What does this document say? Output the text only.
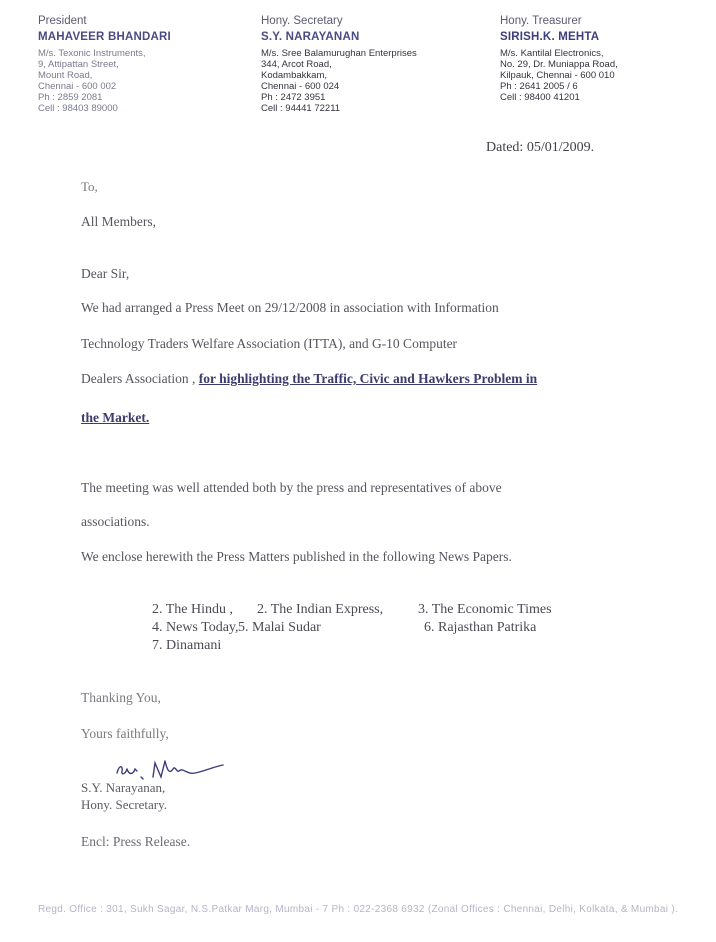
President
MAHAVEER BHANDARI
M/s. Texonic Instruments,
9, Attipattan Street,
Mount Road,
Chennai - 600 002
Ph : 2859 2081
Cell : 98403 89000
Hony. Secretary
S.Y. NARAYANAN
M/s. Sree Balamurughan Enterprises
344, Arcot Road,
Kodambakkam,
Chennai - 600 024
Ph : 2472 3951
Cell : 94441 72211
Hony. Treasurer
SIRISH.K. MEHTA
M/s. Kantilal Electronics,
No. 29, Dr. Muniappa Road,
Kilpauk, Chennai - 600 010
Ph : 2641 2005 / 6
Cell : 98400 41201
Dated: 05/01/2009.
To,
All Members,
Dear Sir,
We had arranged a Press Meet on 29/12/2008 in association with Information
Technology Traders Welfare Association (ITTA), and G-10 Computer
Dealers Association , for highlighting the Traffic, Civic and Hawkers Problem in
the Market.
The meeting was well attended both by the press and representatives of above
associations.
We enclose herewith the Press Matters published in the following News Papers.
2. The Hindu , 2. The Indian Express, 3. The Economic Times
4. News Today, 5. Malai Sudar	6. Rajasthan Patrika
7. Dinamani
Thanking You,
Yours faithfully,
S.Y. Narayanan,
Hony. Secretary.
Encl: Press Release.
Regd. Office : 301, Sukh Sagar, N.S.Patkar Marg, Mumbai - 7 Ph : 022-2368 6932 (Zonal Offices : Chennai, Delhi, Kolkata, & Mumbai ).
